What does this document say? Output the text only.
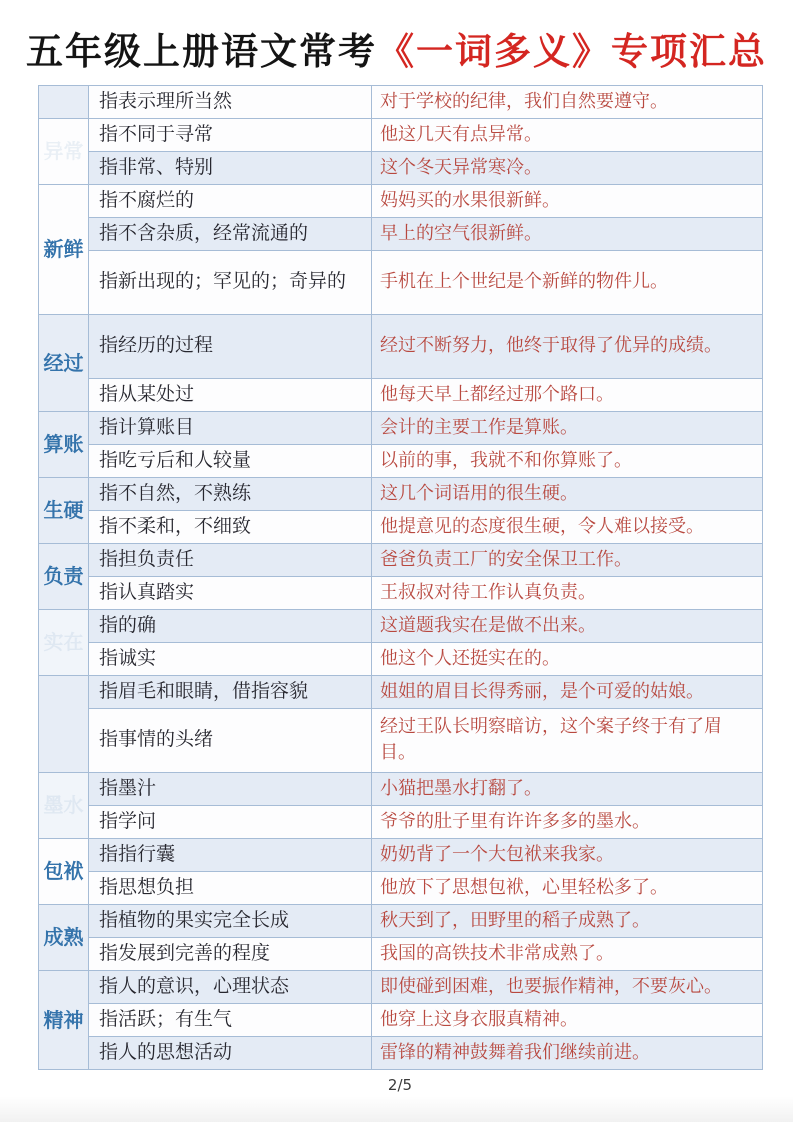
五年级上册语文常考《一词多义》专项汇总
	指表示理所当然	对于学校的纪律，我们自然要遵守。
异常	指不同于寻常	他这几天有点异常。
	指非常、特别	这个冬天异常寒冷。
新鲜	指不腐烂的	妈妈买的水果很新鲜。
	指不含杂质，经常流通的	早上的空气很新鲜。
	指新出现的；罕见的；奇异的	手机在上个世纪是个新鲜的物件儿。
经过	指经历的过程	经过不断努力，他终于取得了优异的成绩。
	指从某处过	他每天早上都经过那个路口。
算账	指计算账目	会计的主要工作是算账。
	指吃亏后和人较量	以前的事，我就不和你算账了。
生硬	指不自然，不熟练	这几个词语用的很生硬。
	指不柔和，不细致	他提意见的态度很生硬，令人难以接受。
负责	指担负责任	爸爸负责工厂的安全保卫工作。
	指认真踏实	王叔叔对待工作认真负责。
实在	指的确	这道题我实在是做不出来。
	指诚实	他这个人还挺实在的。
	指眉毛和眼睛，借指容貌	姐姐的眉目长得秀丽，是个可爱的姑娘。
	指事情的头绪	经过王队长明察暗访，这个案子终于有了眉目。
墨水	指墨汁	小猫把墨水打翻了。
	指学问	爷爷的肚子里有许许多多的墨水。
包袱	指指行囊	奶奶背了一个大包袱来我家。
	指思想负担	他放下了思想包袱，心里轻松多了。
成熟	指植物的果实完全长成	秋天到了，田野里的稻子成熟了。
	指发展到完善的程度	我国的高铁技术非常成熟了。
精神	指人的意识，心理状态	即使碰到困难，也要振作精神，不要灰心。
	指活跃；有生气	他穿上这身衣服真精神。
	指人的思想活动	雷锋的精神鼓舞着我们继续前进。
2/5
